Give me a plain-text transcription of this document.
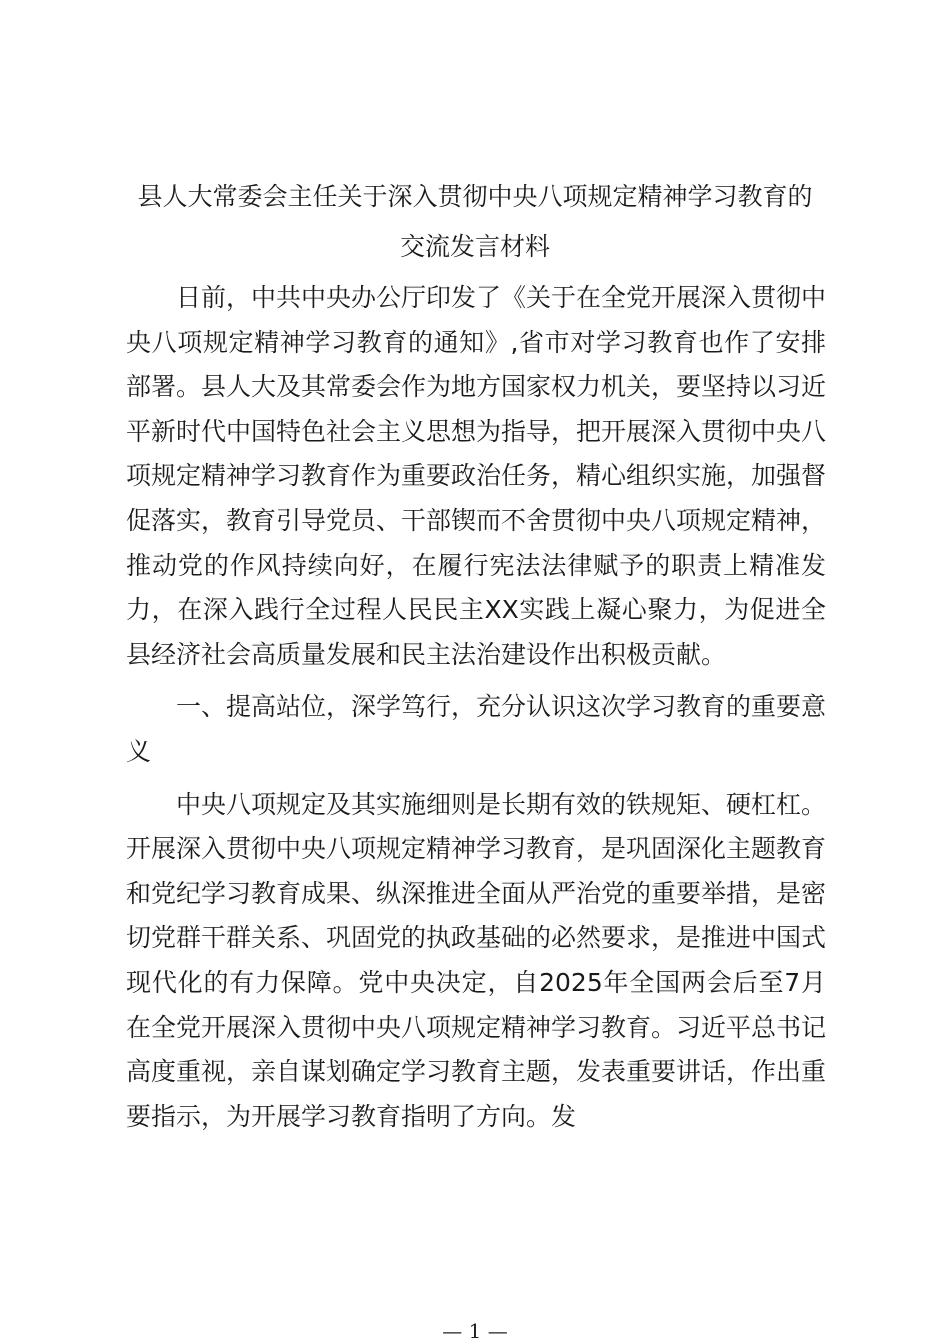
县人大常委会主任关于深入贯彻中央八项规定精神学习教育的
交流发言材料

日前，中共中央办公厅印发了《关于在全党开展深入贯彻中央八项规定精神学习教育的通知》,省市对学习教育也作了安排部署。县人大及其常委会作为地方国家权力机关，要坚持以习近平新时代中国特色社会主义思想为指导，把开展深入贯彻中央八项规定精神学习教育作为重要政治任务，精心组织实施，加强督促落实，教育引导党员、干部锲而不舍贯彻中央八项规定精神，推动党的作风持续向好，在履行宪法法律赋予的职责上精准发力，在深入践行全过程人民民主XX实践上凝心聚力，为促进全县经济社会高质量发展和民主法治建设作出积极贡献。

一、提高站位，深学笃行，充分认识这次学习教育的重要意义

中央八项规定及其实施细则是长期有效的铁规矩、硬杠杠。开展深入贯彻中央八项规定精神学习教育，是巩固深化主题教育和党纪学习教育成果、纵深推进全面从严治党的重要举措，是密切党群干群关系、巩固党的执政基础的必然要求，是推进中国式现代化的有力保障。党中央决定，自2025年全国两会后至7月在全党开展深入贯彻中央八项规定精神学习教育。习近平总书记高度重视，亲自谋划确定学习教育主题，发表重要讲话，作出重要指示，为开展学习教育指明了方向。发

— 1 —
